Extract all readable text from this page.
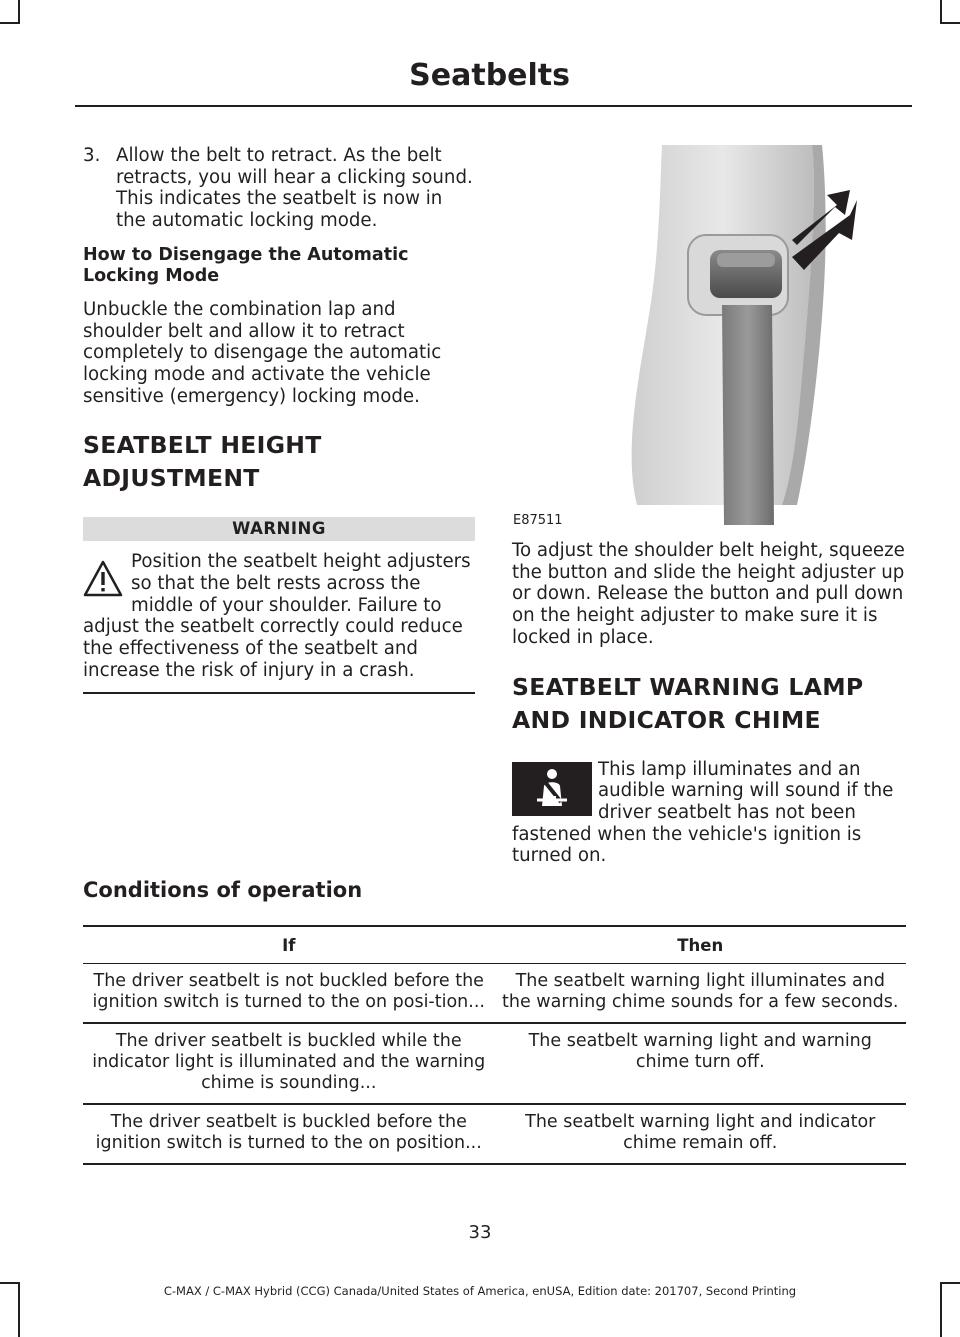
Seatbelts
3. Allow the belt to retract. As the belt retracts, you will hear a clicking sound. This indicates the seatbelt is now in the automatic locking mode.

How to Disengage the Automatic Locking Mode

Unbuckle the combination lap and shoulder belt and allow it to retract completely to disengage the automatic locking mode and activate the vehicle sensitive (emergency) locking mode.

SEATBELT HEIGHT
ADJUSTMENT
WARNING
Position the seatbelt height adjusters so that the belt rests across the middle of your shoulder. Failure to adjust the seatbelt correctly could reduce the effectiveness of the seatbelt and increase the risk of injury in a crash.
E87511

To adjust the shoulder belt height, squeeze the button and slide the height adjuster up or down. Release the button and pull down on the height adjuster to make sure it is locked in place.

SEATBELT WARNING LAMP
AND INDICATOR CHIME
This lamp illuminates and an audible warning will sound if the driver seatbelt has not been fastened when the vehicle's ignition is turned on.
Conditions of operation
If	Then
The driver seatbelt is not buckled before the ignition switch is turned to the on posi-tion...	The seatbelt warning light illuminates and the warning chime sounds for a few seconds.
The driver seatbelt is buckled while the indicator light is illuminated and the warning chime is sounding...	The seatbelt warning light and warning chime turn off.
The driver seatbelt is buckled before the ignition switch is turned to the on position...	The seatbelt warning light and indicator chime remain off.

33

C-MAX / C-MAX Hybrid (CCG) Canada/United States of America, enUSA, Edition date: 201707, Second Printing
